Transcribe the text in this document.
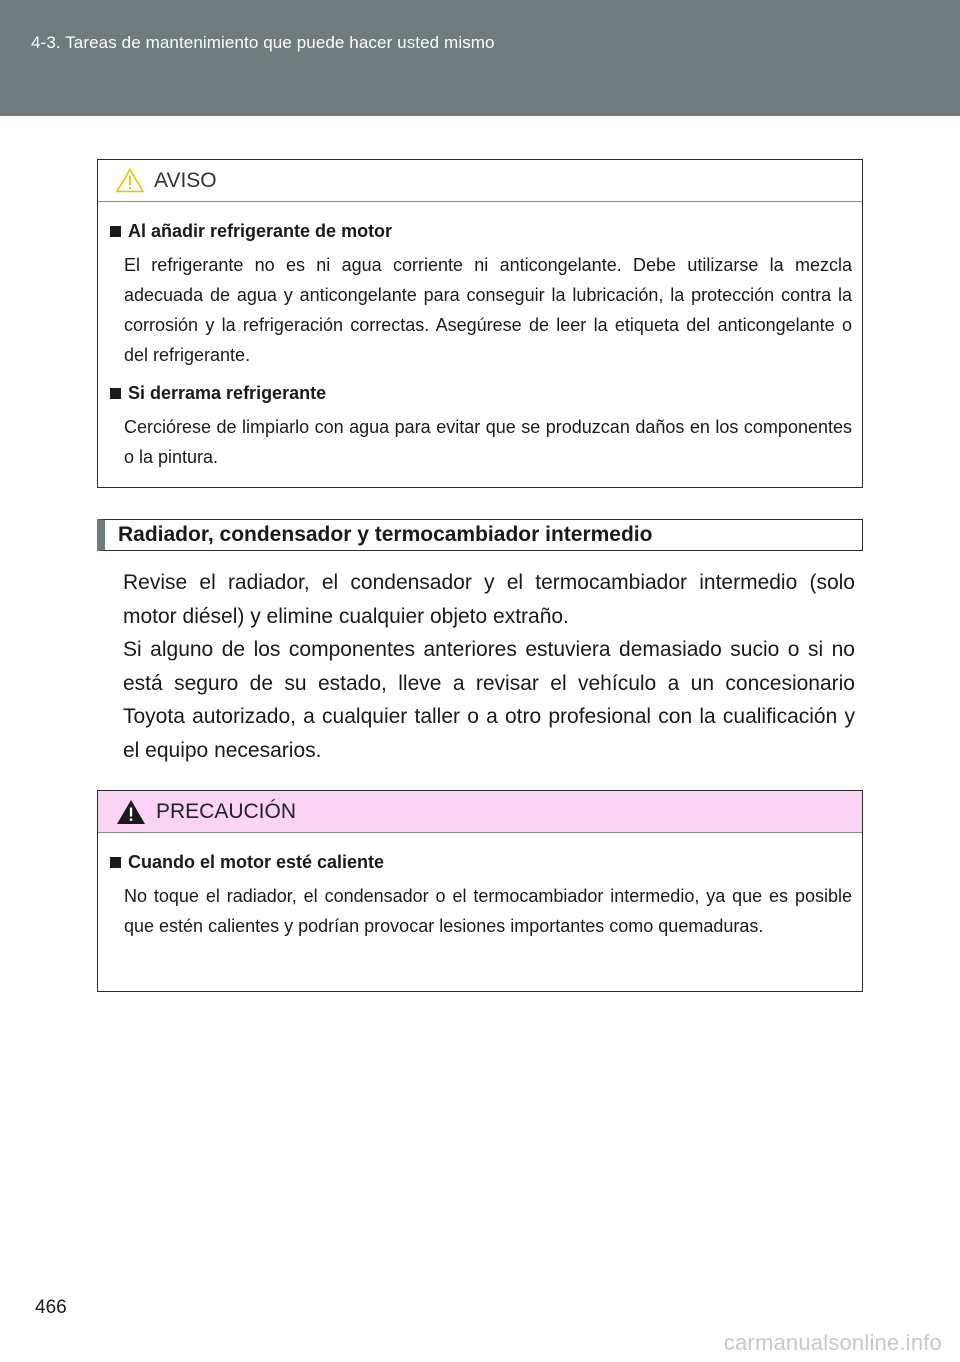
4-3. Tareas de mantenimiento que puede hacer usted mismo
AVISO
Al añadir refrigerante de motor
El refrigerante no es ni agua corriente ni anticongelante. Debe utilizarse la mezcla adecuada de agua y anticongelante para conseguir la lubricación, la protección contra la corrosión y la refrigeración correctas. Asegúrese de leer la etiqueta del anticongelante o del refrigerante.
Si derrama refrigerante
Cerciórese de limpiarlo con agua para evitar que se produzcan daños en los componentes o la pintura.
Radiador, condensador y termocambiador intermedio

Revise el radiador, el condensador y el termocambiador intermedio (solo motor diésel) y elimine cualquier objeto extraño.

Si alguno de los componentes anteriores estuviera demasiado sucio o si no está seguro de su estado, lleve a revisar el vehículo a un concesionario Toyota autorizado, a cualquier taller o a otro profesional con la cualificación y el equipo necesarios.

PRECAUCIÓN
Cuando el motor esté caliente
No toque el radiador, el condensador o el termocambiador intermedio, ya que es posible que estén calientes y podrían provocar lesiones importantes como quemaduras.
466
carmanualsonline.info
